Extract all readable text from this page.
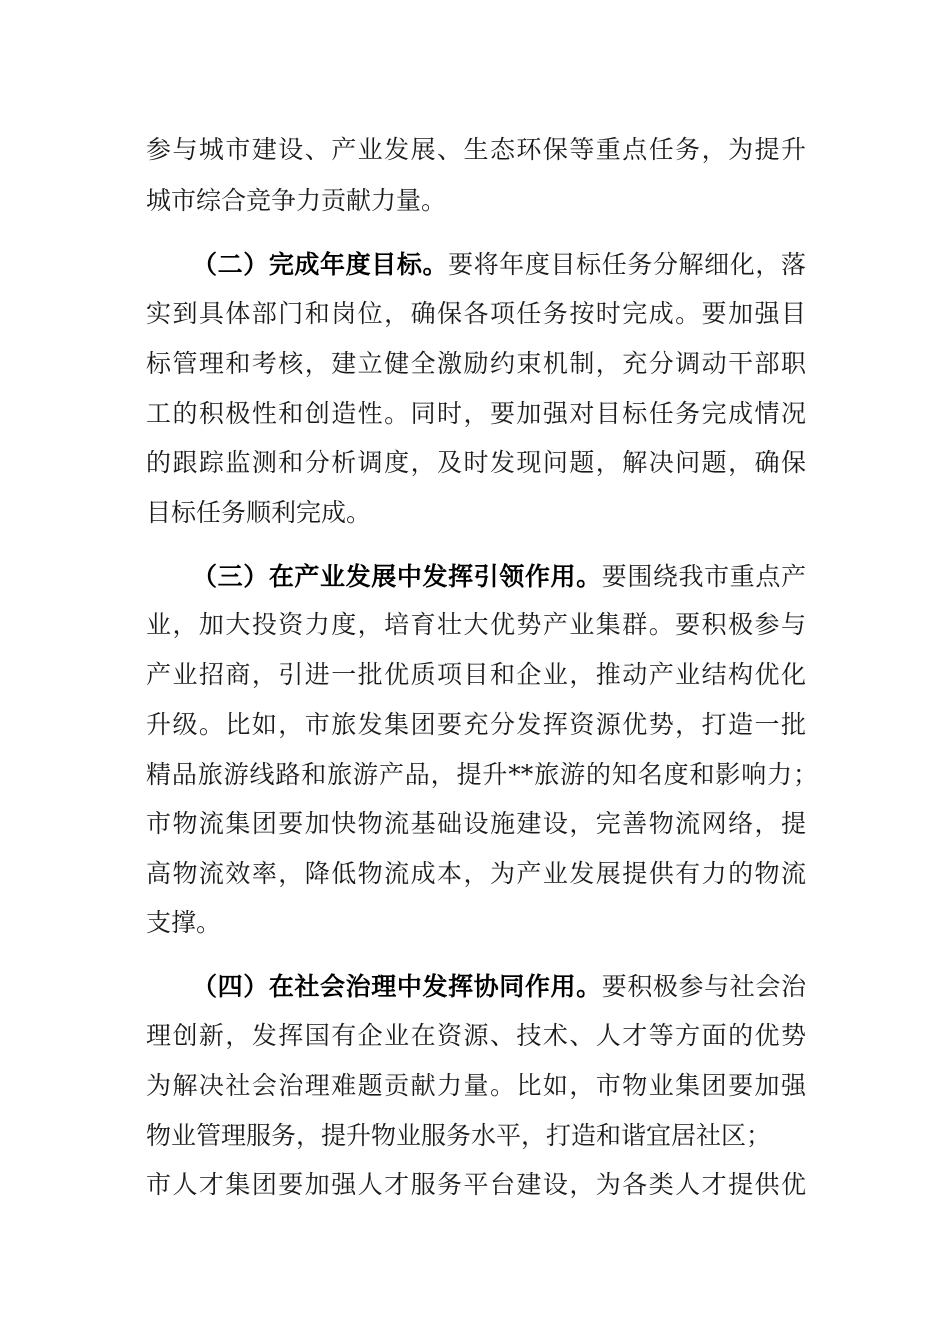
参与城市建设、产业发展、生态环保等重点任务，为提升
城市综合竞争力贡献力量。
（二）完成年度目标。要将年度目标任务分解细化，落
实到具体部门和岗位，确保各项任务按时完成。要加强目
标管理和考核，建立健全激励约束机制，充分调动干部职
工的积极性和创造性。同时，要加强对目标任务完成情况
的跟踪监测和分析调度，及时发现问题，解决问题，确保
目标任务顺利完成。
（三）在产业发展中发挥引领作用。要围绕我市重点产
业，加大投资力度，培育壮大优势产业集群。要积极参与
产业招商，引进一批优质项目和企业，推动产业结构优化
升级。比如，市旅发集团要充分发挥资源优势，打造一批
精品旅游线路和旅游产品，提升**旅游的知名度和影响力；
市物流集团要加快物流基础设施建设，完善物流网络，提
高物流效率，降低物流成本，为产业发展提供有力的物流
支撑。
（四）在社会治理中发挥协同作用。要积极参与社会治
理创新，发挥国有企业在资源、技术、人才等方面的优势
为解决社会治理难题贡献力量。比如，市物业集团要加强
物业管理服务，提升物业服务水平，打造和谐宜居社区；
市人才集团要加强人才服务平台建设，为各类人才提供优
